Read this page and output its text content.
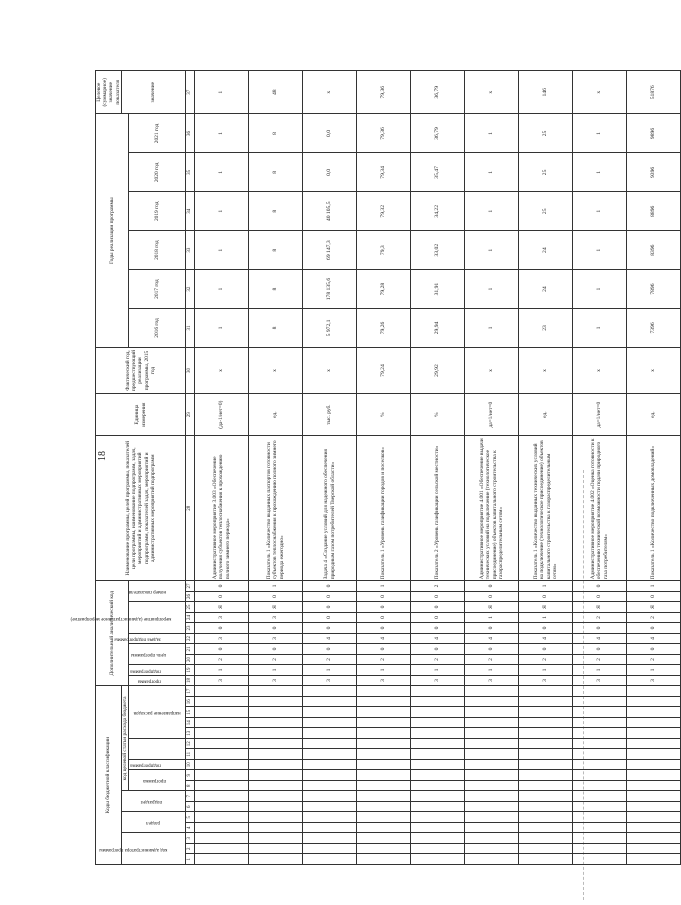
18
Коды бюджетной классификации																	Дополнительный аналитический код										Наименование программы, целей программы, показателей цели программы, наименование подпрограмм, задач, мероприятий и административных мероприятий подпрограмм, показателей задач, мероприятий и административных мероприятий подпрограмм	Единица измерения	Фактический год, предшествующий реализации программы, 2015 год	Годы реализации программы						Целевое (суммарное) значение показателя

код администратора программы			раздел		подраздел		код целевой статьи расхода бюджета																													значение

							программа		подпрограмма			направление расходов					программа	подпрограмма	цель программы		задача подпрограммы	мероприятие (административное мероприятие)			номер показателя					2016 год	2017 год	2018 год	2019 год	2020 год	2021 год	
1	2	3	4	5	6	7	8	9	10	11	12	13	14	15	16	17	18	19	20	21	22	23	24	25	26	27	28	29	30	31	32	33	34	35	36	37
																	3	1	2	0	3	0	3	Я	0	0	Административное мероприятие 3.003 «Обеспечение получения субъектов теплоснабжения к прохождению полного зимнего периода»	(да-1/нет=0)	х	1	1	1	1	1	1	1
																	3	1	2	0	3	0	3	Я	0	1	Показатель 1 «Количество выданных паспортов готовности субъектов теплоснабжения к прохождению полного зимнего периода ежегодно»	ед.	х	8	8	8	8	8	8	48
																	3	1	2	0	4	0	0	0	0	0	Задача 4 «Создание условий для надежного обеспечения природным газом потребителей Тверской области»	тыс. руб.	х	5 972,1	178 135,6	69 147,3	40 105,5	0,0	0,0	х
																	3	1	2	0	4	0	0	0	0	1	Показатель 1 «Уровень газификации городов и поселков»	%	79,24	79,26	79,28	79,3	79,32	79,34	79,36	79,36
																	3	1	2	0	4	0	0	0	0	2	Показатель 2 «Уровень газификации сельской местности»	%	29,92	29,94	31,91	33,02	34,22	35,47	36,79	36,79
																	3	1	2	0	4	0	1	Я	0	0	Административное мероприятие 4.001 «Обеспечение выдачи технических условий на подключение (технологическое присоединение) объектов капитального строительства к газораспределительным сетям»	да=1/нет=0	х	1	1	1	1	1	1	х
																	3	1	2	0	4	0	1	Я	0	1	Показатель 1 «Количество выданных технических условий на подключение (технологическое присоединение) объектов капитального строительства к газораспределительным сетям»	ед.	х	23	24	24	25	25	25	146
																	3	1	2	0	4	0	2	Я	0	0	Административное мероприятие 4.002 «Оценка готовности к обеспечению технической возможности подачи природного газа потребителям»	да=1/нет=0	х	1	1	1	1	1	1	х
																	3	1	2	0	4	0	2	Я	0	1	Показатель 1 «Количество подключенных домовладений»	ед.	х	7396	7896	8396	8896	9396	9896	51876
